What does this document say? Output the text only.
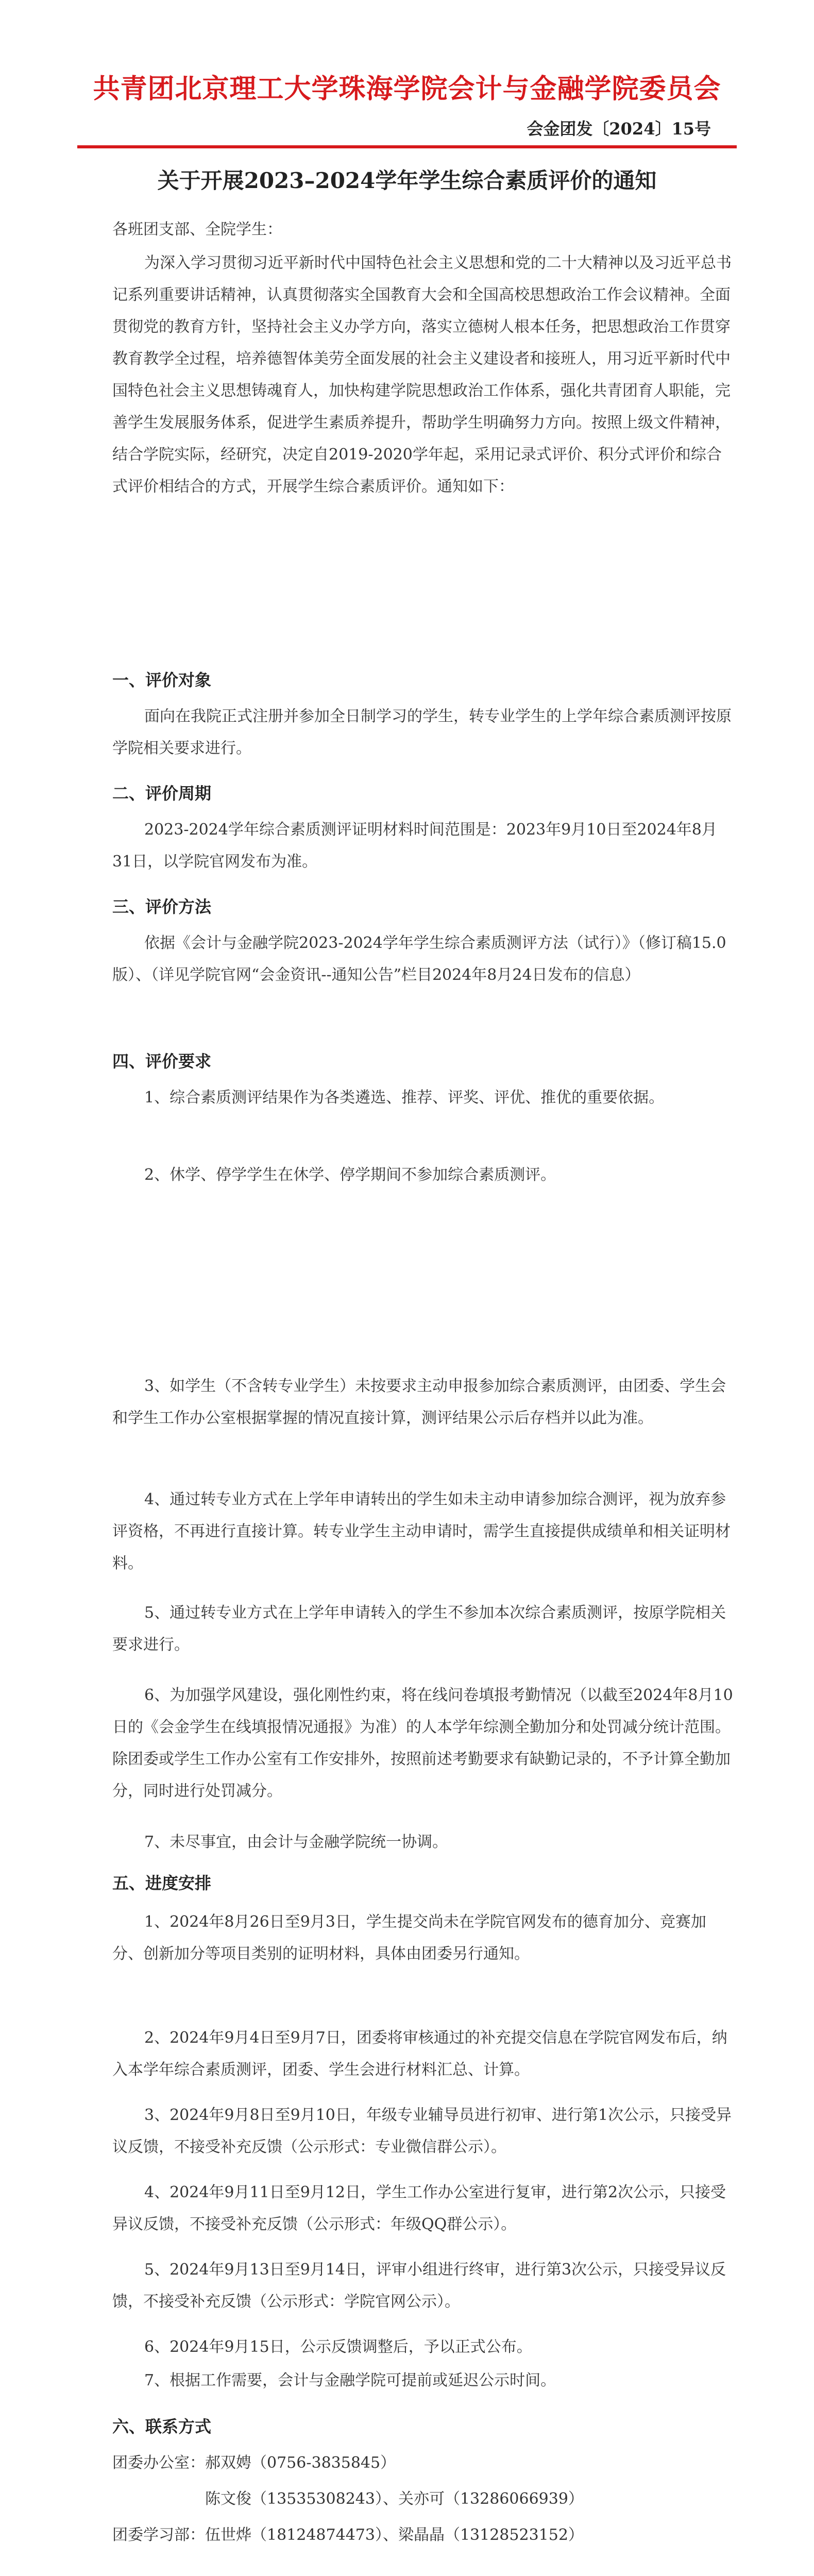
共青团北京理工大学珠海学院会计与金融学院委员会
会金团发〔2024〕15号
关于开展2023–2024学年学生综合素质评价的通知
各班团支部、全院学生：
为深入学习贯彻习近平新时代中国特色社会主义思想和党的二十大精神以及习近平总书记系列重要讲话精神，认真贯彻落实全国教育大会和全国高校思想政治工作会议精神。全面贯彻党的教育方针，坚持社会主义办学方向，落实立德树人根本任务，把思想政治工作贯穿教育教学全过程，培养德智体美劳全面发展的社会主义建设者和接班人，用习近平新时代中国特色社会主义思想铸魂育人，加快构建学院思想政治工作体系，强化共青团育人职能，完善学生发展服务体系，促进学生素质养提升，帮助学生明确努力方向。按照上级文件精神，结合学院实际，经研究，决定自2019-2020学年起，采用记录式评价、积分式评价和综合式评价相结合的方式，开展学生综合素质评价。通知如下：
一、评价对象
面向在我院正式注册并参加全日制学习的学生，转专业学生的上学年综合素质测评按原学院相关要求进行。
二、评价周期
2023-2024学年综合素质测评证明材料时间范围是：2023年9月10日至2024年8月31日，以学院官网发布为准。
三、评价方法
依据《会计与金融学院2023-2024学年学生综合素质测评方法（试行）》（修订稿15.0版）、（详见学院官网“会金资讯--通知公告”栏目2024年8月24日发布的信息）
四、评价要求
1、综合素质测评结果作为各类遴选、推荐、评奖、评优、推优的重要依据。
2、休学、停学学生在休学、停学期间不参加综合素质测评。
3、如学生（不含转专业学生）未按要求主动申报参加综合素质测评，由团委、学生会和学生工作办公室根据掌握的情况直接计算，测评结果公示后存档并以此为准。
4、通过转专业方式在上学年申请转出的学生如未主动申请参加综合测评，视为放弃参评资格，不再进行直接计算。转专业学生主动申请时，需学生直接提供成绩单和相关证明材料。
5、通过转专业方式在上学年申请转入的学生不参加本次综合素质测评，按原学院相关要求进行。
6、为加强学风建设，强化刚性约束，将在线问卷填报考勤情况（以截至2024年8月10日的《会金学生在线填报情况通报》为准）的人本学年综测全勤加分和处罚减分统计范围。除团委或学生工作办公室有工作安排外，按照前述考勤要求有缺勤记录的，不予计算全勤加分，同时进行处罚减分。
7、未尽事宜，由会计与金融学院统一协调。
五、进度安排
1、2024年8月26日至9月3日，学生提交尚未在学院官网发布的德育加分、竞赛加分、创新加分等项目类别的证明材料，具体由团委另行通知。
2、2024年9月4日至9月7日，团委将审核通过的补充提交信息在学院官网发布后，纳入本学年综合素质测评，团委、学生会进行材料汇总、计算。
3、2024年9月8日至9月10日，年级专业辅导员进行初审、进行第1次公示，只接受异议反馈，不接受补充反馈（公示形式：专业微信群公示）。
4、2024年9月11日至9月12日，学生工作办公室进行复审，进行第2次公示，只接受异议反馈，不接受补充反馈（公示形式：年级QQ群公示）。
5、2024年9月13日至9月14日，评审小组进行终审，进行第3次公示，只接受异议反馈，不接受补充反馈（公示形式：学院官网公示）。
6、2024年9月15日，公示反馈调整后，予以正式公布。
7、根据工作需要，会计与金融学院可提前或延迟公示时间。
六、联系方式
团委办公室： 郝双娉（0756-3835845）
陈文俊（13535308243）、关亦可（13286066939）
团委学习部： 伍世烨（18124874473）、梁晶晶（13128523152）
